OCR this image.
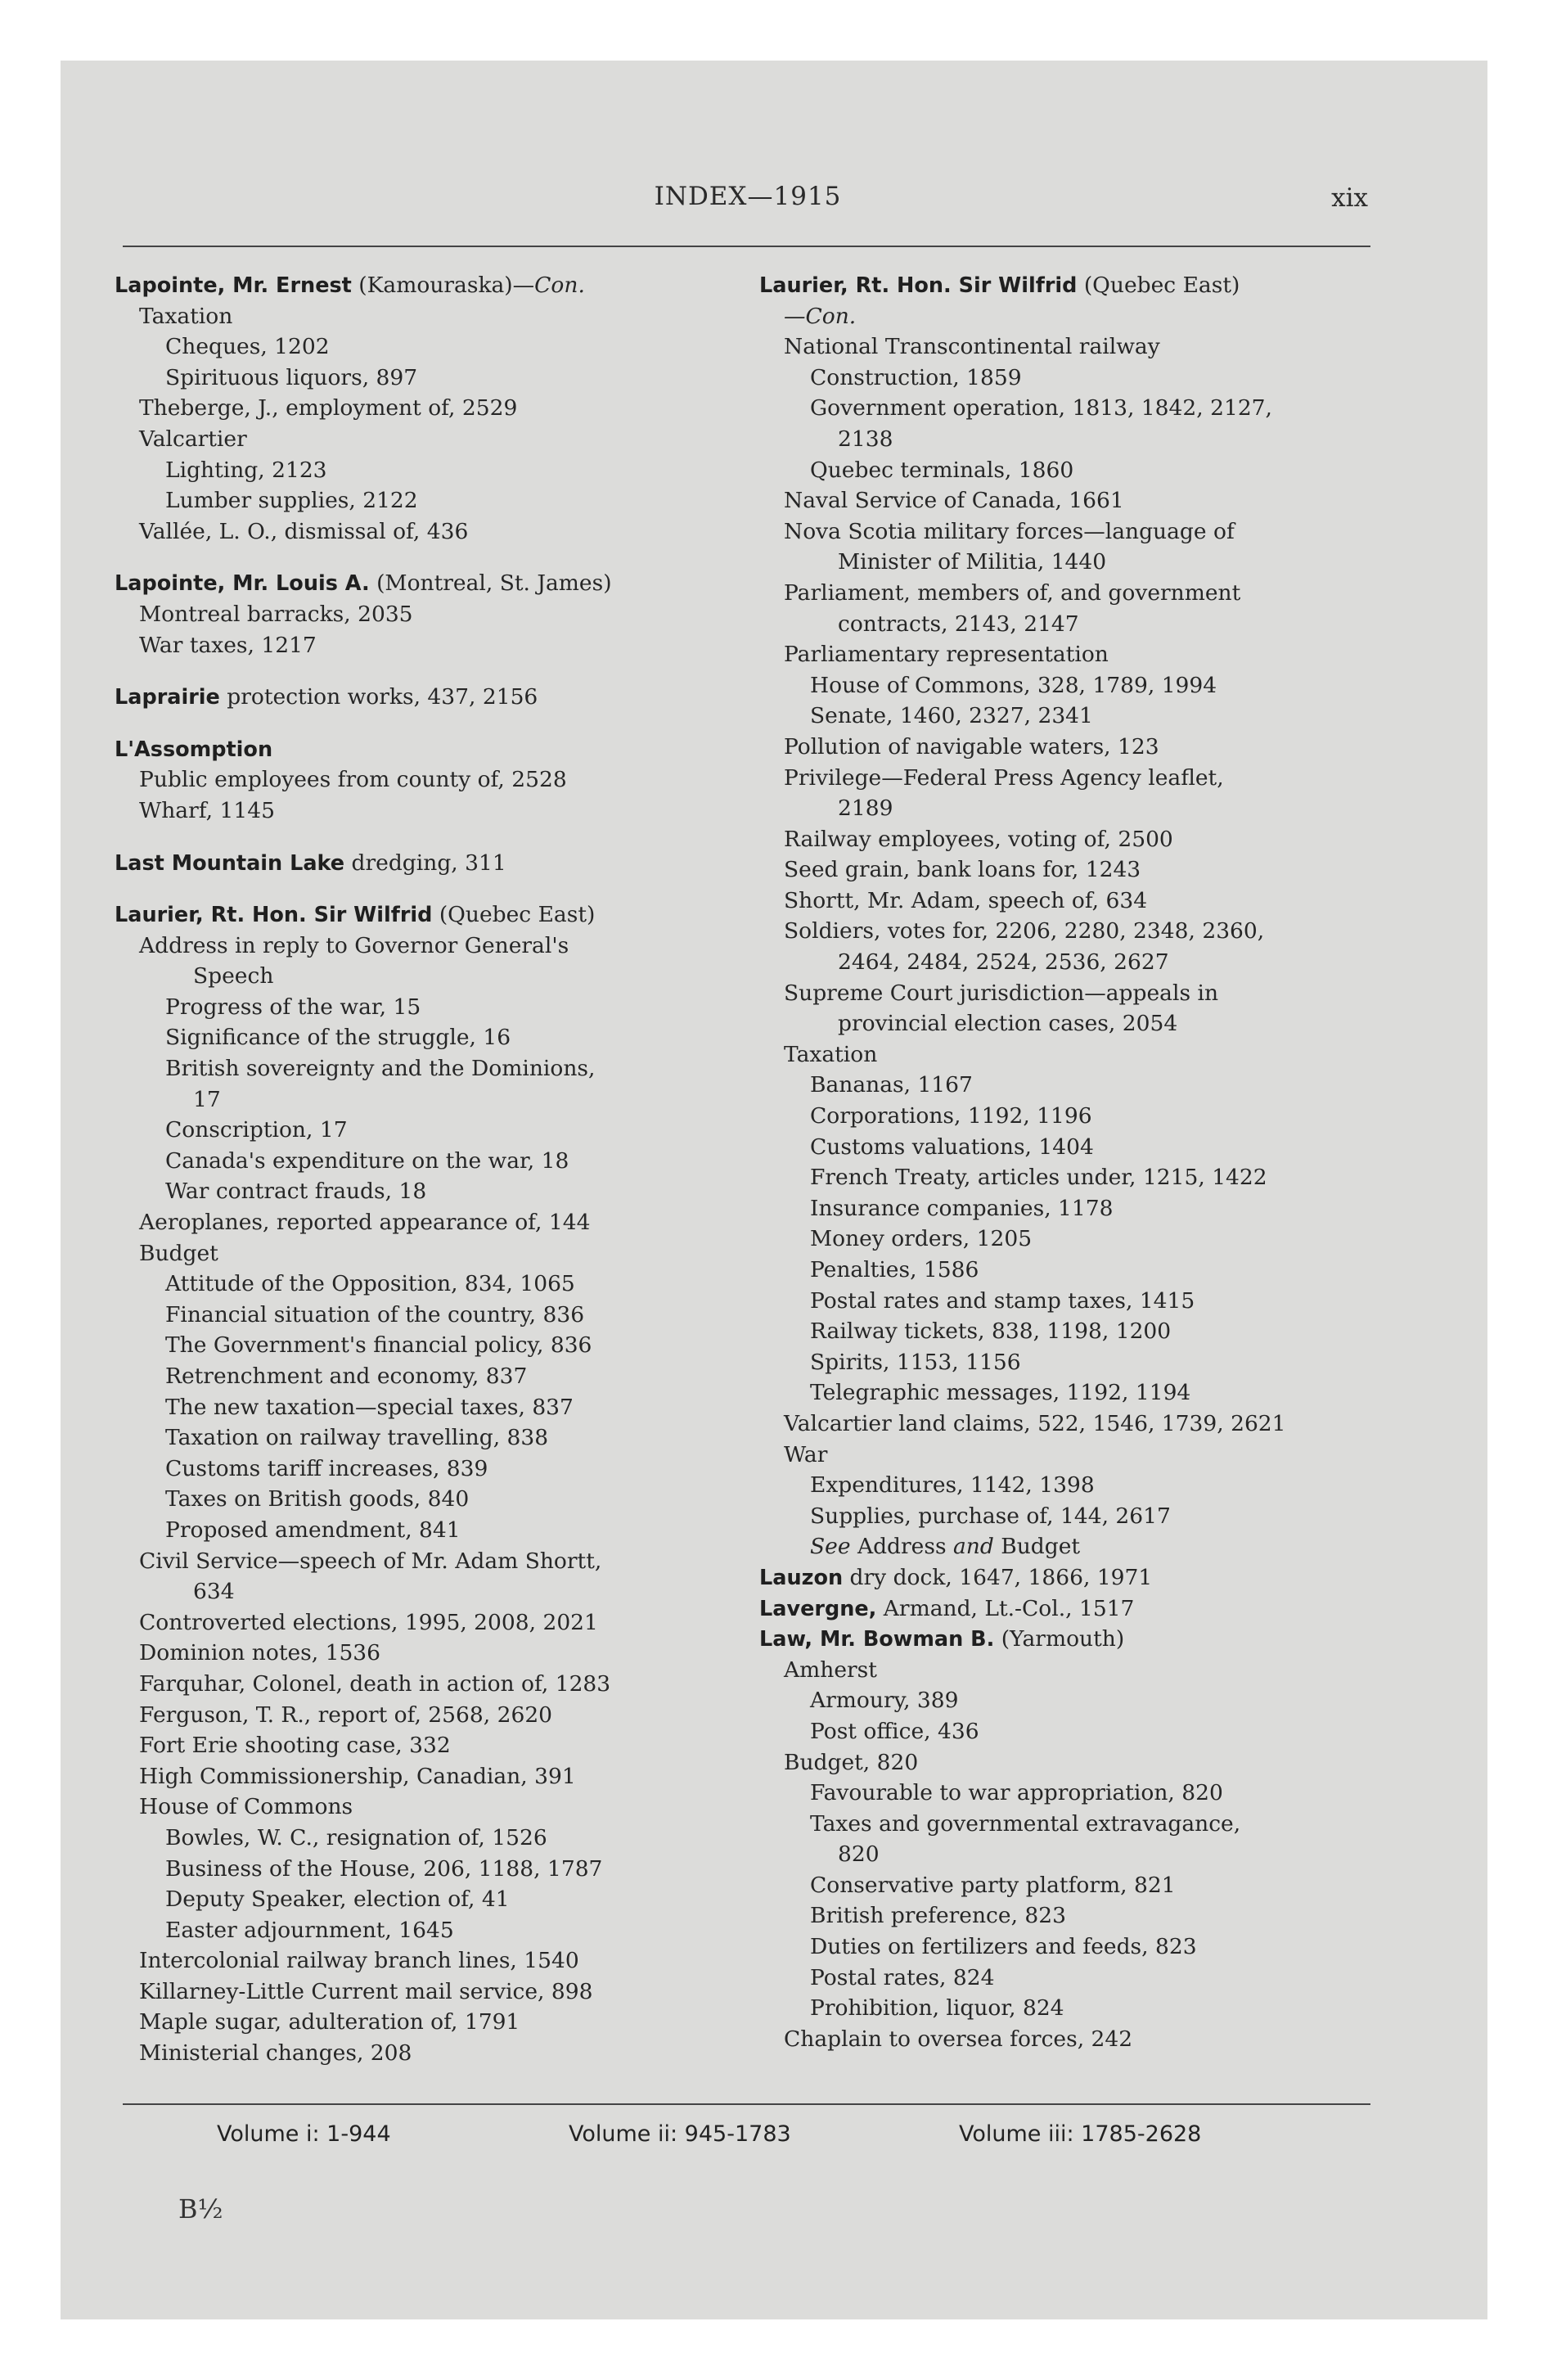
INDEX—1915	xix
Lapointe, Mr. Ernest (Kamouraska)—Con.
Taxation
Cheques, 1202
Spirituous liquors, 897
Theberge, J., employment of, 2529
Valcartier
Lighting, 2123
Lumber supplies, 2122
Vallée, L. O., dismissal of, 436
Lapointe, Mr. Louis A. (Montreal, St. James)
Montreal barracks, 2035
War taxes, 1217
Laprairie protection works, 437, 2156
L'Assomption
Public employees from county of, 2528
Wharf, 1145
Last Mountain Lake dredging, 311
Laurier, Rt. Hon. Sir Wilfrid (Quebec East)
Address in reply to Governor General's
Speech
Progress of the war, 15
Significance of the struggle, 16
British sovereignty and the Dominions,
17
Conscription, 17
Canada's expenditure on the war, 18
War contract frauds, 18
Aeroplanes, reported appearance of, 144
Budget
Attitude of the Opposition, 834, 1065
Financial situation of the country, 836
The Government's financial policy, 836
Retrenchment and economy, 837
The new taxation—special taxes, 837
Taxation on railway travelling, 838
Customs tariff increases, 839
Taxes on British goods, 840
Proposed amendment, 841
Civil Service—speech of Mr. Adam Shortt,
634
Controverted elections, 1995, 2008, 2021
Dominion notes, 1536
Farquhar, Colonel, death in action of, 1283
Ferguson, T. R., report of, 2568, 2620
Fort Erie shooting case, 332
High Commissionership, Canadian, 391
House of Commons
Bowles, W. C., resignation of, 1526
Business of the House, 206, 1188, 1787
Deputy Speaker, election of, 41
Easter adjournment, 1645
Intercolonial railway branch lines, 1540
Killarney-Little Current mail service, 898
Maple sugar, adulteration of, 1791
Ministerial changes, 208
Laurier, Rt. Hon. Sir Wilfrid (Quebec East)
—Con.
National Transcontinental railway
Construction, 1859
Government operation, 1813, 1842, 2127,
2138
Quebec terminals, 1860
Naval Service of Canada, 1661
Nova Scotia military forces—language of
Minister of Militia, 1440
Parliament, members of, and government
contracts, 2143, 2147
Parliamentary representation
House of Commons, 328, 1789, 1994
Senate, 1460, 2327, 2341
Pollution of navigable waters, 123
Privilege—Federal Press Agency leaflet,
2189
Railway employees, voting of, 2500
Seed grain, bank loans for, 1243
Shortt, Mr. Adam, speech of, 634
Soldiers, votes for, 2206, 2280, 2348, 2360,
2464, 2484, 2524, 2536, 2627
Supreme Court jurisdiction—appeals in
provincial election cases, 2054
Taxation
Bananas, 1167
Corporations, 1192, 1196
Customs valuations, 1404
French Treaty, articles under, 1215, 1422
Insurance companies, 1178
Money orders, 1205
Penalties, 1586
Postal rates and stamp taxes, 1415
Railway tickets, 838, 1198, 1200
Spirits, 1153, 1156
Telegraphic messages, 1192, 1194
Valcartier land claims, 522, 1546, 1739, 2621
War
Expenditures, 1142, 1398
Supplies, purchase of, 144, 2617
See Address and Budget
Lauzon dry dock, 1647, 1866, 1971
Lavergne, Armand, Lt.-Col., 1517
Law, Mr. Bowman B. (Yarmouth)
Amherst
Armoury, 389
Post office, 436
Budget, 820
Favourable to war appropriation, 820
Taxes and governmental extravagance,
820
Conservative party platform, 821
British preference, 823
Duties on fertilizers and feeds, 823
Postal rates, 824
Prohibition, liquor, 824
Chaplain to oversea forces, 242
Volume i: 1-944	Volume ii: 945-1783	Volume iii: 1785-2628
B½
